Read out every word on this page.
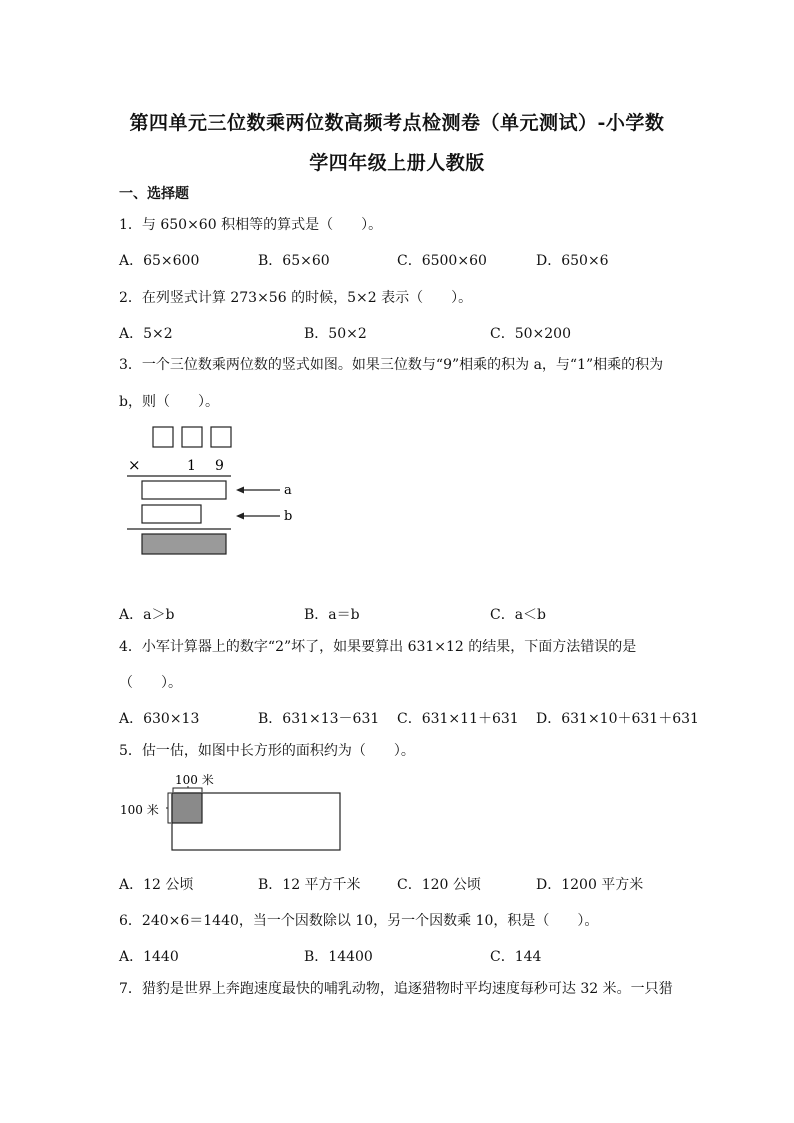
第四单元三位数乘两位数高频考点检测卷（单元测试）-小学数
学四年级上册人教版
一、选择题
1．与 650×60 积相等的算式是（　　）。
A．65×600	B．65×60	C．6500×60	D．650×6
2．在列竖式计算 273×56 的时候，5×2 表示（　　）。
A．5×2	B．50×2	C．50×200
3．一个三位数乘两位数的竖式如图。如果三位数与“9”相乘的积为 a，与“1”相乘的积为
b，则（　　）。
×	1 9
a
b
A．a＞b	B．a＝b	C．a＜b
4．小军计算器上的数字“2”坏了，如果要算出 631×12 的结果，下面方法错误的是
（　　）。
A．630×13	B．631×13－631 C．631×11＋631 D．631×10＋631＋631
5．估一估，如图中长方形的面积约为（　　）。
100 米
100 米
A．12 公顷	B．12 平方千米	C．120 公顷	D．1200 平方米
6．240×6＝1440，当一个因数除以 10，另一个因数乘 10，积是（　　）。
A．1440	B．14400	C．144
7．猎豹是世界上奔跑速度最快的哺乳动物，追逐猎物时平均速度每秒可达 32 米。一只猎
